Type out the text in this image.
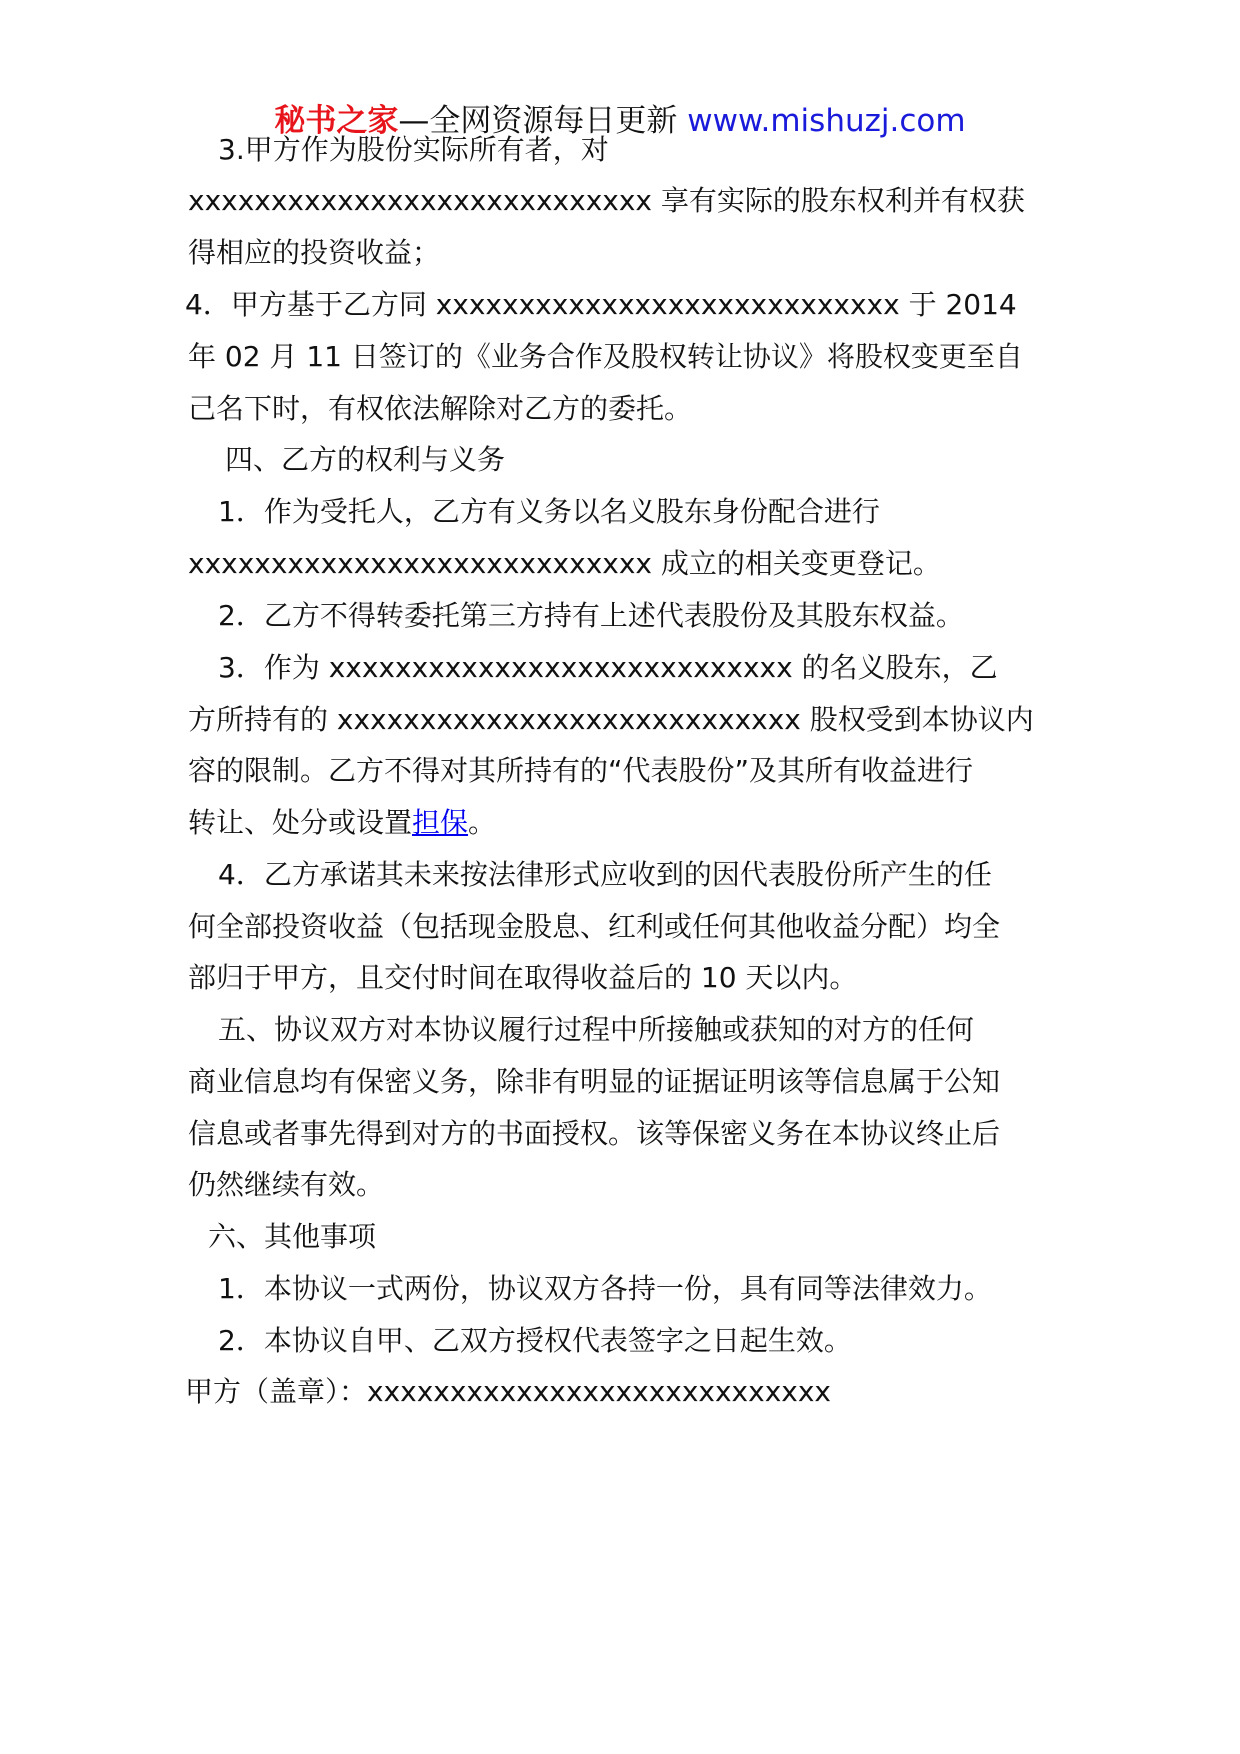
秘书之家—全网资源每日更新 www.mishuzj.com
3.甲方作为股份实际所有者，对
xxxxxxxxxxxxxxxxxxxxxxxxxxxx 享有实际的股东权利并有权获
得相应的投资收益；
4．甲方基于乙方同 xxxxxxxxxxxxxxxxxxxxxxxxxxxx 于 2014
年 02 月 11 日签订的《业务合作及股权转让协议》将股权变更至自
己名下时，有权依法解除对乙方的委托。
四、乙方的权利与义务
1．作为受托人，乙方有义务以名义股东身份配合进行
xxxxxxxxxxxxxxxxxxxxxxxxxxxx 成立的相关变更登记。
2．乙方不得转委托第三方持有上述代表股份及其股东权益。
3．作为 xxxxxxxxxxxxxxxxxxxxxxxxxxxx 的名义股东，乙
方所持有的 xxxxxxxxxxxxxxxxxxxxxxxxxxxx 股权受到本协议内
容的限制。乙方不得对其所持有的“代表股份”及其所有收益进行
转让、处分或设置担保。
4．乙方承诺其未来按法律形式应收到的因代表股份所产生的任
何全部投资收益（包括现金股息、红利或任何其他收益分配）均全
部归于甲方，且交付时间在取得收益后的 10 天以内。
五、协议双方对本协议履行过程中所接触或获知的对方的任何
商业信息均有保密义务，除非有明显的证据证明该等信息属于公知
信息或者事先得到对方的书面授权。该等保密义务在本协议终止后
仍然继续有效。
六、其他事项
1．本协议一式两份，协议双方各持一份，具有同等法律效力。
2．本协议自甲、乙双方授权代表签字之日起生效。
甲方（盖章）：xxxxxxxxxxxxxxxxxxxxxxxxxxxx
